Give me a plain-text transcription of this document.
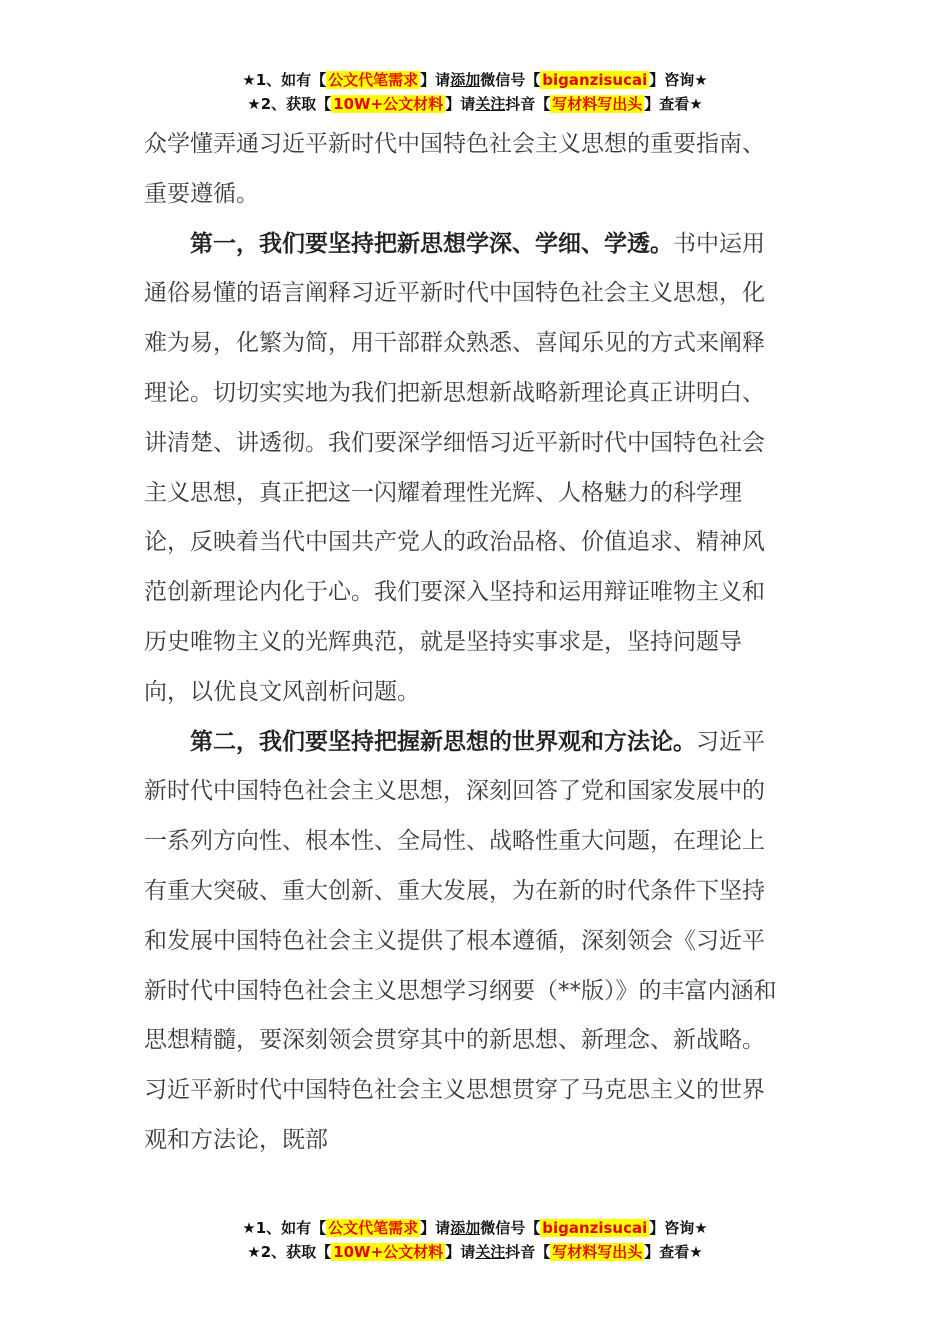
★1、如有【 公文代笔需求 】请添加微信号【 biganzisucai 】咨询★
★2、获取【 10W+公文材料 】请关注抖音【 写材料写出头 】查看★

众学懂弄通习近平新时代中国特色社会主义思想的重要指南、重要遵循。

第一，我们要坚持把新思想学深、学细、学透。书中运用通俗易懂的语言阐释习近平新时代中国特色社会主义思想，化难为易，化繁为简，用干部群众熟悉、喜闻乐见的方式来阐释理论。切切实实地为我们把新思想新战略新理论真正讲明白、讲清楚、讲透彻。我们要深学细悟习近平新时代中国特色社会主义思想，真正把这一闪耀着理性光辉、人格魅力的科学理论，反映着当代中国共产党人的政治品格、价值追求、精神风范创新理论内化于心。我们要深入坚持和运用辩证唯物主义和历史唯物主义的光辉典范，就是坚持实事求是，坚持问题导向，以优良文风剖析问题。

第二，我们要坚持把握新思想的世界观和方法论。习近平新时代中国特色社会主义思想，深刻回答了党和国家发展中的一系列方向性、根本性、全局性、战略性重大问题，在理论上有重大突破、重大创新、重大发展，为在新的时代条件下坚持和发展中国特色社会主义提供了根本遵循，深刻领会《习近平新时代中国特色社会主义思想学习纲要（**版）》的丰富内涵和思想精髓，要深刻领会贯穿其中的新思想、新理念、新战略。习近平新时代中国特色社会主义思想贯穿了马克思主义的世界观和方法论，既部

★1、如有【 公文代笔需求 】请添加微信号【 biganzisucai 】咨询★
★2、获取【 10W+公文材料 】请关注抖音【 写材料写出头 】查看★
